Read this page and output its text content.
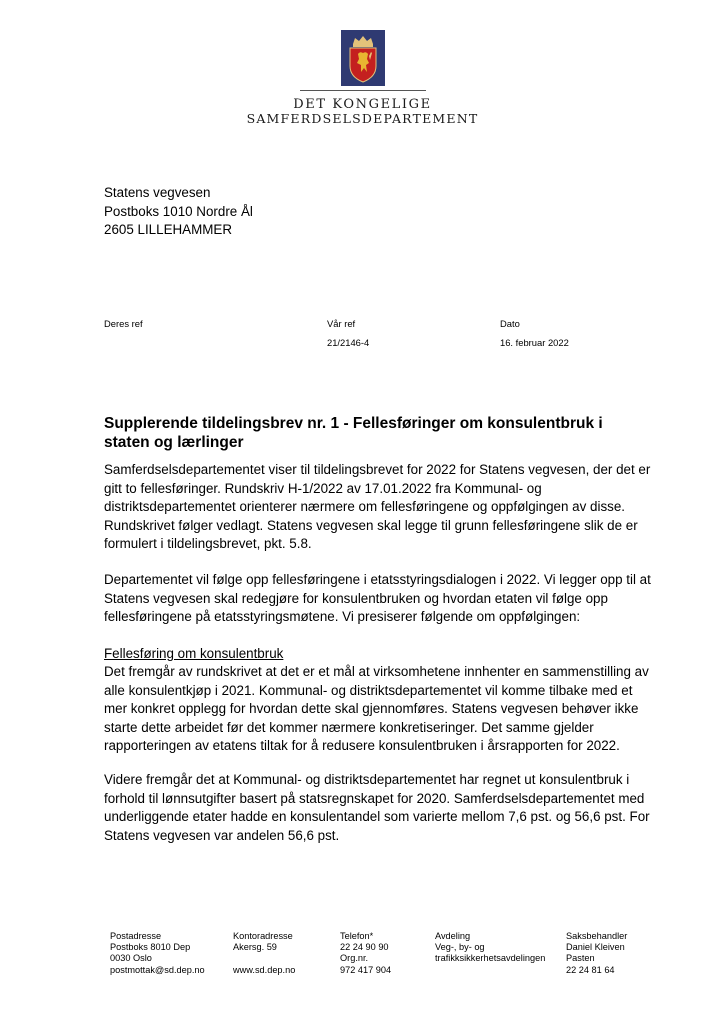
DET KONGELIGE
SAMFERDSELSDEPARTEMENT
Statens vegvesen
Postboks 1010 Nordre Ål
2605 LILLEHAMMER
Deres ref	Vår ref
21/2146-4
Dato
16. februar 2022
Supplerende tildelingsbrev nr. 1 - Fellesføringer om konsulentbruk i staten og lærlinger
Samferdselsdepartementet viser til tildelingsbrevet for 2022 for Statens vegvesen, der det er gitt to fellesføringer. Rundskriv H-1/2022 av 17.01.2022 fra Kommunal- og distriktsdepartementet orienterer nærmere om fellesføringene og oppfølgingen av disse. Rundskrivet følger vedlagt. Statens vegvesen skal legge til grunn fellesføringene slik de er formulert i tildelingsbrevet, pkt. 5.8.
Departementet vil følge opp fellesføringene i etatsstyringsdialogen i 2022. Vi legger opp til at Statens vegvesen skal redegjøre for konsulentbruken og hvordan etaten vil følge opp fellesføringene på etatsstyringsmøtene. Vi presiserer følgende om oppfølgingen:
Fellesføring om konsulentbruk
Det fremgår av rundskrivet at det er et mål at virksomhetene innhenter en sammenstilling av alle konsulentkjøp i 2021. Kommunal- og distriktsdepartementet vil komme tilbake med et mer konkret opplegg for hvordan dette skal gjennomføres. Statens vegvesen behøver ikke starte dette arbeidet før det kommer nærmere konkretiseringer. Det samme gjelder rapporteringen av etatens tiltak for å redusere konsulentbruken i årsrapporten for 2022.
Videre fremgår det at Kommunal- og distriktsdepartementet har regnet ut konsulentbruk i forhold til lønnsutgifter basert på statsregnskapet for 2020. Samferdselsdepartementet med underliggende etater hadde en konsulentandel som varierte mellom 7,6 pst. og 56,6 pst. For Statens vegvesen var andelen 56,6 pst.
Postadresse
Postboks 8010 Dep
0030 Oslo
postmottak@sd.dep.no
Kontoradresse
Akersg. 59

www.sd.dep.no
Telefon*
22 24 90 90
Org.nr.
972 417 904
Avdeling
Veg-, by- og
trafikksikkerhetsavdelingen
Saksbehandler
Daniel Kleiven
Pasten
22 24 81 64
